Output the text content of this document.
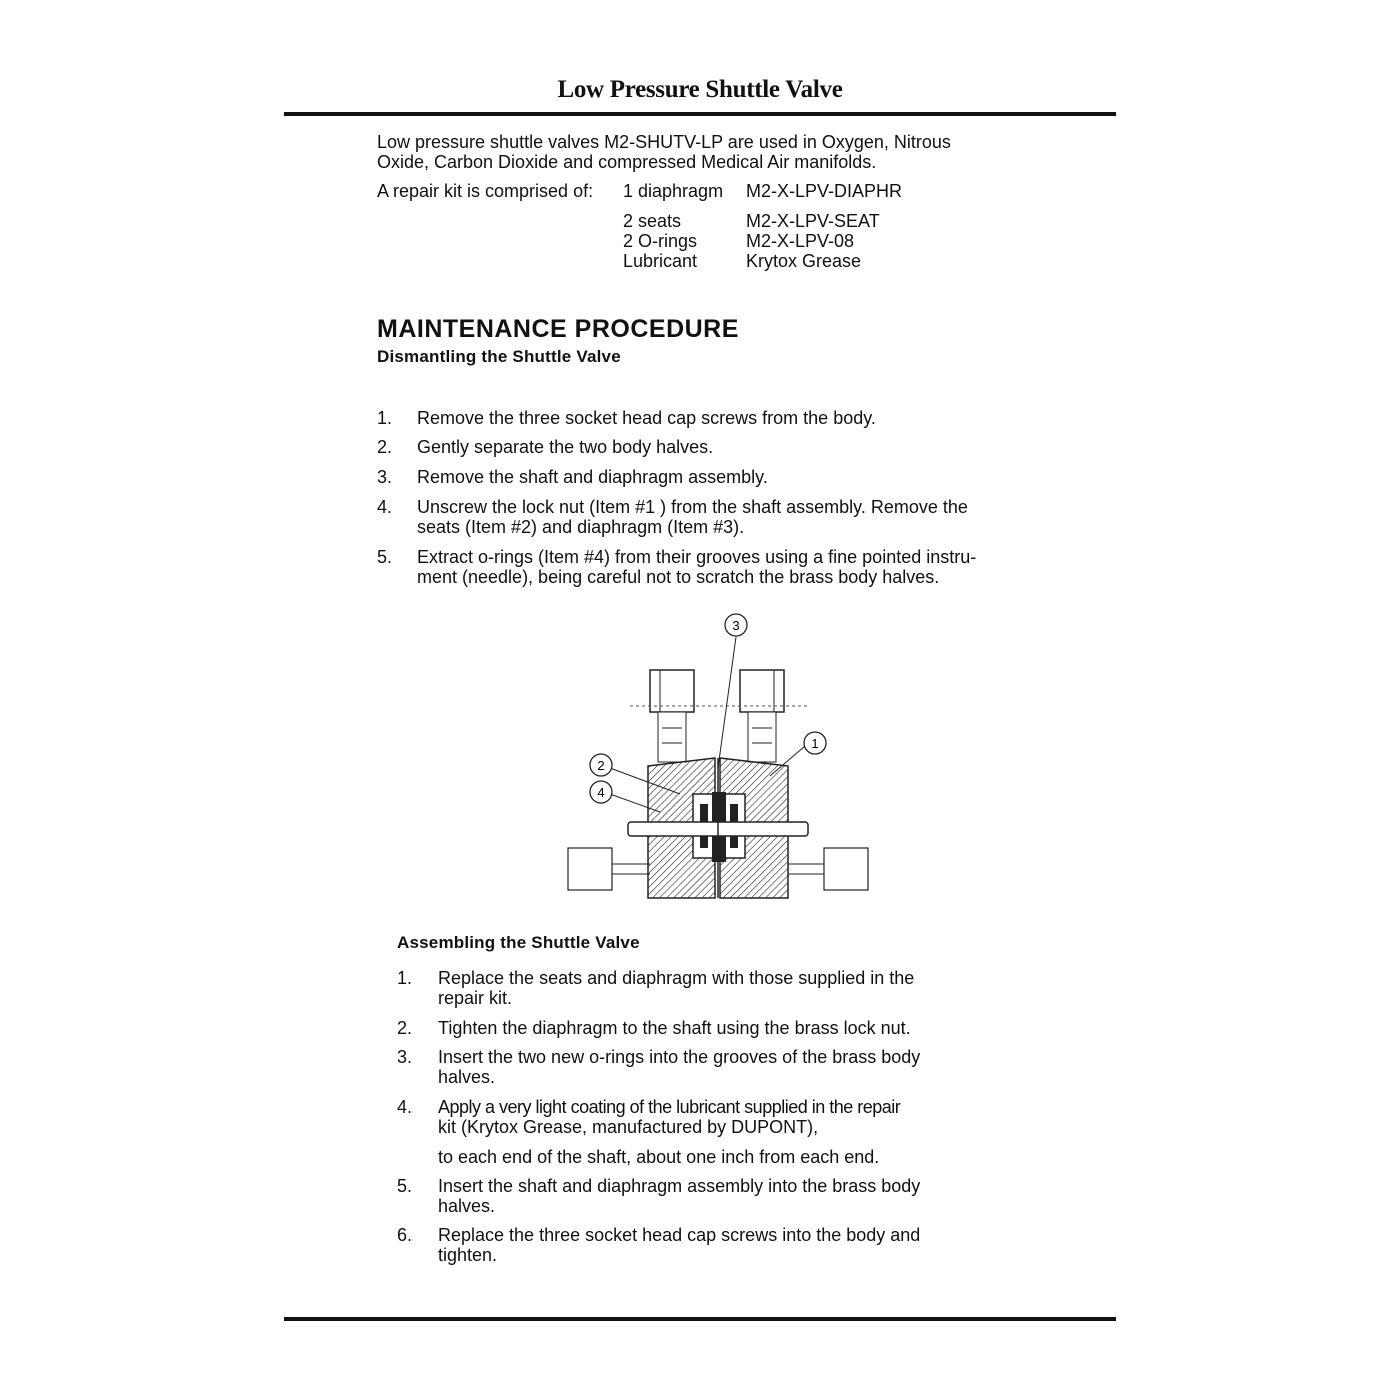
Low Pressure Shuttle Valve
Low pressure shuttle valves M2-SHUTV-LP are used in Oxygen, Nitrous
Oxide, Carbon Dioxide and compressed Medical Air manifolds.
A repair kit is comprised of: 1 diaphragm M2-X-LPV-DIAPHR
2 seats	M2-X-LPV-SEAT
2 O-rings	M2-X-LPV-08
Lubricant	Krytox Grease
MAINTENANCE PROCEDURE
Dismantling the Shuttle Valve
1. Remove the three socket head cap screws from the body.
2. Gently separate the two body halves.
3. Remove the shaft and diaphragm assembly.
4. Unscrew the lock nut (Item #1 ) from the shaft assembly. Remove the
seats (Item #2) and diaphragm (Item #3).
5. Extract o-rings (Item #4) from their grooves using a fine pointed instru-
ment (needle), being careful not to scratch the brass body halves.
3
1
2
4
Assembling the Shuttle Valve
1. Replace the seats and diaphragm with those supplied in the
repair kit.
2. Tighten the diaphragm to the shaft using the brass lock nut.
3. Insert the two new o-rings into the grooves of the brass body
halves.
4. Apply a very light coating of the lubricant supplied in the repair
kit (Krytox Grease, manufactured by DUPONT),
to each end of the shaft, about one inch from each end.
5. Insert the shaft and diaphragm assembly into the brass body
halves.
6. Replace the three socket head cap screws into the body and
tighten.
